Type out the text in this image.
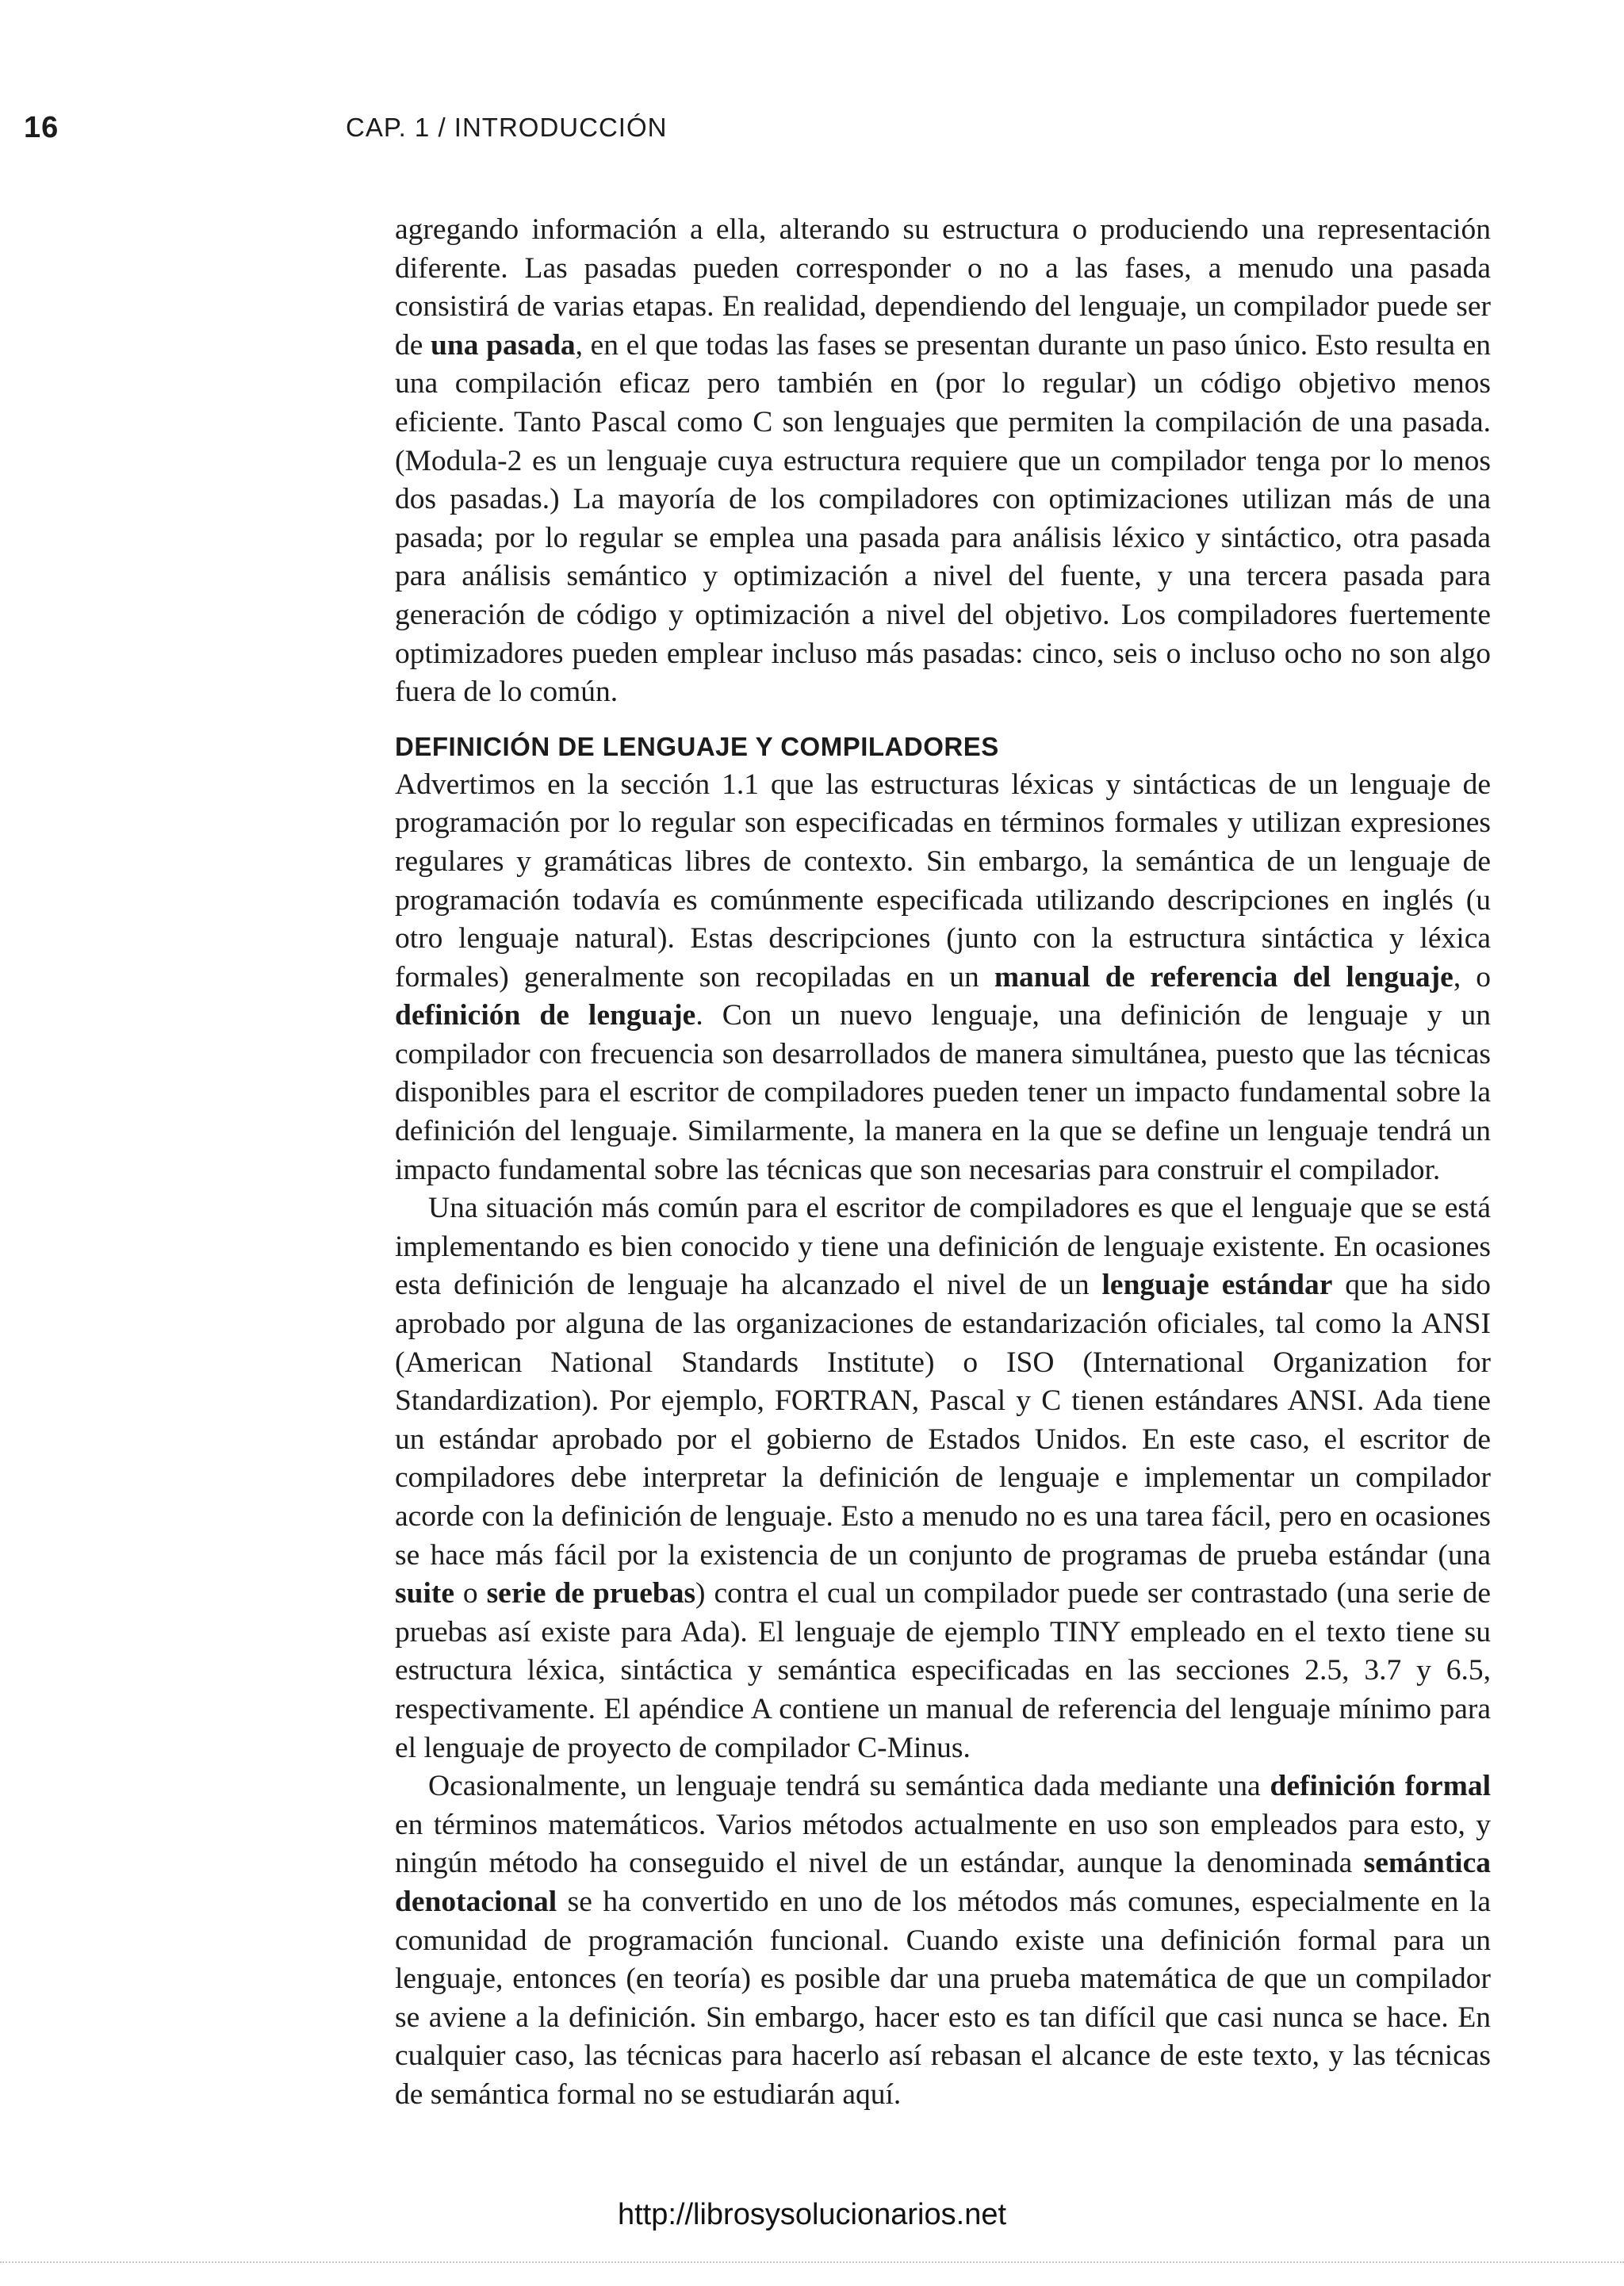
16	CAP. 1 / INTRODUCCIÓN

agregando información a ella, alterando su estructura o produciendo una representación diferente. Las pasadas pueden corresponder o no a las fases, a menudo una pasada consistirá de varias etapas. En realidad, dependiendo del lenguaje, un compilador puede ser de una pasada, en el que todas las fases se presentan durante un paso único. Esto resulta en una compilación eficaz pero también en (por lo regular) un código objetivo menos eficiente. Tanto Pascal como C son lenguajes que permiten la compilación de una pasada. (Modula-2 es un lenguaje cuya estructura requiere que un compilador tenga por lo menos dos pasadas.) La mayoría de los compiladores con optimizaciones utilizan más de una pasada; por lo regular se emplea una pasada para análisis léxico y sintáctico, otra pasada para análisis semántico y optimización a nivel del fuente, y una tercera pasada para generación de código y optimización a nivel del objetivo. Los compiladores fuertemente optimizadores pueden emplear incluso más pasadas: cinco, seis o incluso ocho no son algo fuera de lo común.

DEFINICIÓN DE LENGUAJE Y COMPILADORES

Advertimos en la sección 1.1 que las estructuras léxicas y sintácticas de un lenguaje de programación por lo regular son especificadas en términos formales y utilizan expresiones regulares y gramáticas libres de contexto. Sin embargo, la semántica de un lenguaje de programación todavía es comúnmente especificada utilizando descripciones en inglés (u otro lenguaje natural). Estas descripciones (junto con la estructura sintáctica y léxica formales) generalmente son recopiladas en un manual de referencia del lenguaje, o definición de lenguaje. Con un nuevo lenguaje, una definición de lenguaje y un compilador con frecuencia son desarrollados de manera simultánea, puesto que las técnicas disponibles para el escritor de compiladores pueden tener un impacto fundamental sobre la definición del lenguaje. Similarmente, la manera en la que se define un lenguaje tendrá un impacto fundamental sobre las técnicas que son necesarias para construir el compilador.

Una situación más común para el escritor de compiladores es que el lenguaje que se está implementando es bien conocido y tiene una definición de lenguaje existente. En ocasiones esta definición de lenguaje ha alcanzado el nivel de un lenguaje estándar que ha sido aprobado por alguna de las organizaciones de estandarización oficiales, tal como la ANSI (American National Standards Institute) o ISO (International Organization for Standardization). Por ejemplo, FORTRAN, Pascal y C tienen estándares ANSI. Ada tiene un estándar aprobado por el gobierno de Estados Unidos. En este caso, el escritor de compiladores debe interpretar la definición de lenguaje e implementar un compilador acorde con la definición de lenguaje. Esto a menudo no es una tarea fácil, pero en ocasiones se hace más fácil por la existencia de un conjunto de programas de prueba estándar (una suite o serie de pruebas) contra el cual un compilador puede ser contrastado (una serie de pruebas así existe para Ada). El lenguaje de ejemplo TINY empleado en el texto tiene su estructura léxica, sintáctica y semántica especificadas en las secciones 2.5, 3.7 y 6.5, respectivamente. El apéndice A contiene un manual de referencia del lenguaje mínimo para el lenguaje de proyecto de compilador C-Minus.

Ocasionalmente, un lenguaje tendrá su semántica dada mediante una definición formal en términos matemáticos. Varios métodos actualmente en uso son empleados para esto, y ningún método ha conseguido el nivel de un estándar, aunque la denominada semántica denotacional se ha convertido en uno de los métodos más comunes, especialmente en la comunidad de programación funcional. Cuando existe una definición formal para un lenguaje, entonces (en teoría) es posible dar una prueba matemática de que un compilador se aviene a la definición. Sin embargo, hacer esto es tan difícil que casi nunca se hace. En cualquier caso, las técnicas para hacerlo así rebasan el alcance de este texto, y las técnicas de semántica formal no se estudiarán aquí.

http://librosysolucionarios.net
